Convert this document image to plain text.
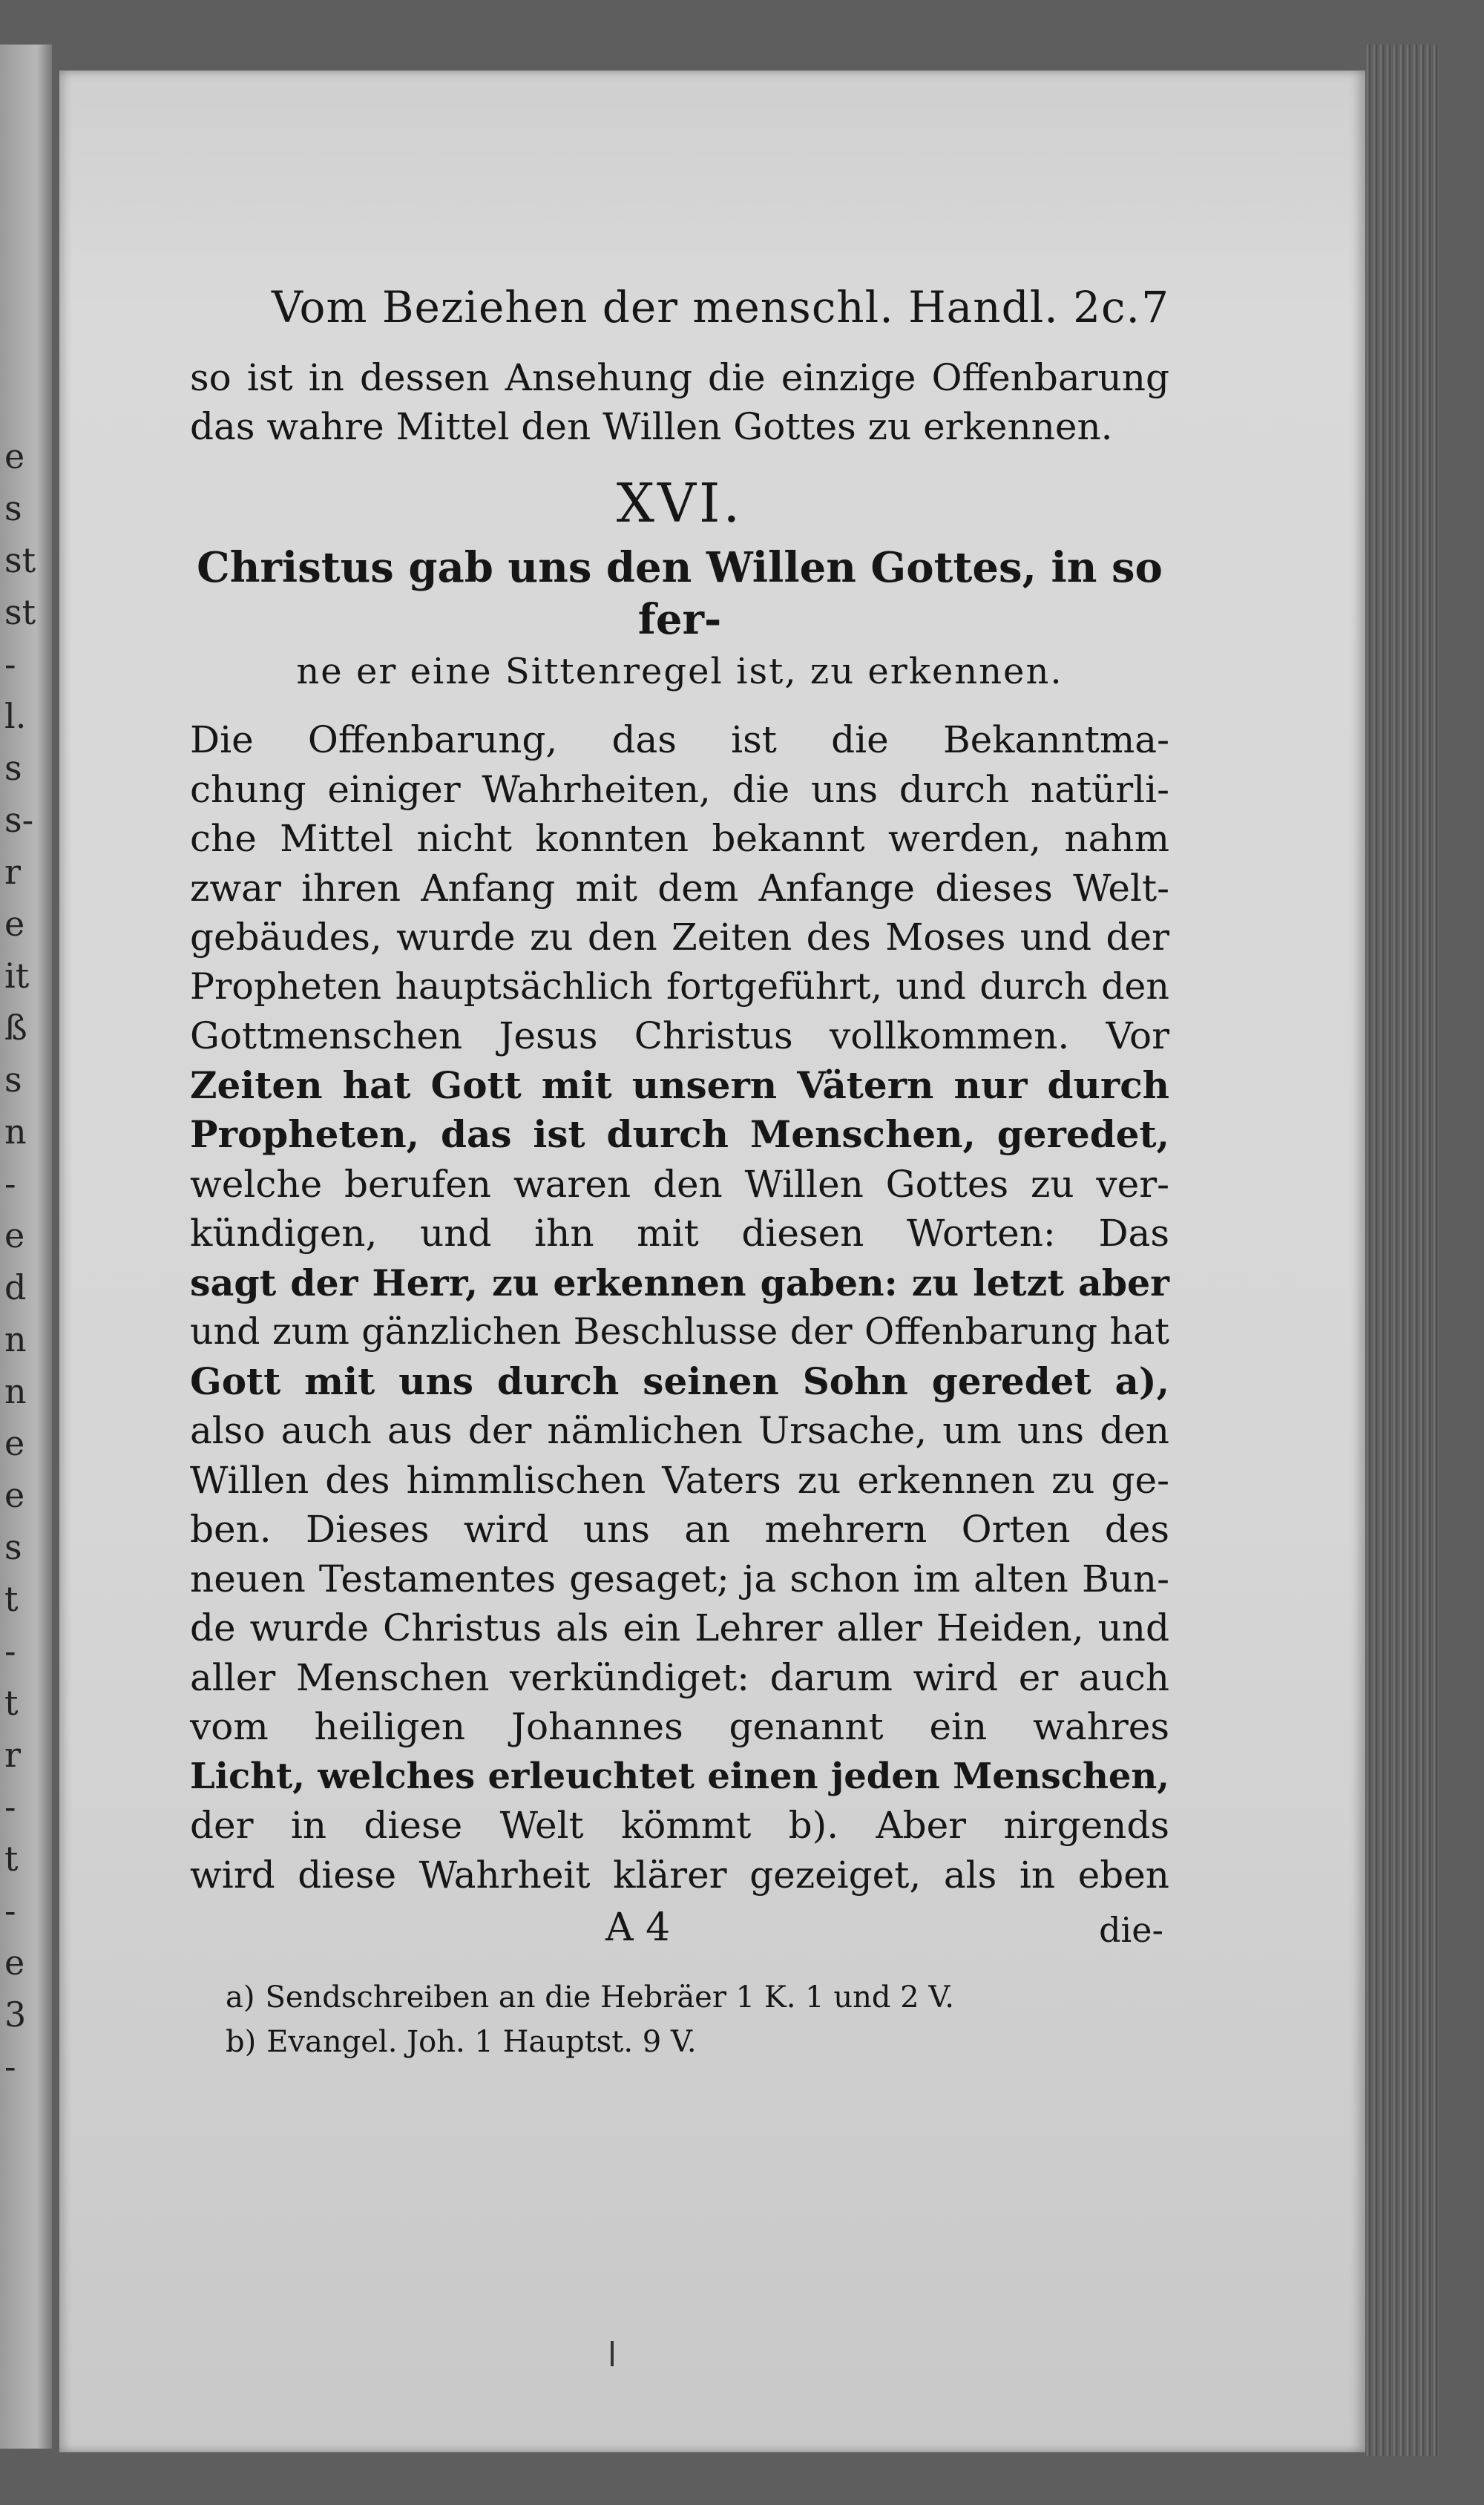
e
s
st
st
-
l.
s
s-
r
e
it
ß
s
n
-
e
d
n
n
e
e
s
t
-
t
r
-
t
-
e
3
-
Vom Beziehen der menschl. Handl. 2c. 7
so ist in dessen Ansehung die einzige Offenbarung
das wahre Mittel den Willen Gottes zu erkennen.
XVI.
Christus gab uns den Willen Gottes, in so fer-
ne er eine Sittenregel ist, zu erkennen.
Die Offenbarung, das ist die Bekanntma-
chung einiger Wahrheiten, die uns durch natürli-
che Mittel nicht konnten bekannt werden, nahm
zwar ihren Anfang mit dem Anfange dieses Welt-
gebäudes, wurde zu den Zeiten des Moses und der
Propheten hauptsächlich fortgeführt, und durch den
Gottmenschen Jesus Christus vollkommen. Vor
Zeiten hat Gott mit unsern Vätern nur durch
Propheten, das ist durch Menschen, geredet,
welche berufen waren den Willen Gottes zu ver-
kündigen, und ihn mit diesen Worten: Das
sagt der Herr, zu erkennen gaben: zu letzt aber
und zum gänzlichen Beschlusse der Offenbarung hat
Gott mit uns durch seinen Sohn geredet a),
also auch aus der nämlichen Ursache, um uns den
Willen des himmlischen Vaters zu erkennen zu ge-
ben. Dieses wird uns an mehrern Orten des
neuen Testamentes gesaget; ja schon im alten Bun-
de wurde Christus als ein Lehrer aller Heiden, und
aller Menschen verkündiget: darum wird er auch
vom heiligen Johannes genannt ein wahres
Licht, welches erleuchtet einen jeden Menschen,
der in diese Welt kömmt b). Aber nirgends
wird diese Wahrheit klärer gezeiget, als in eben
A 4	die-
a) Sendschreiben an die Hebräer 1 K. 1 und 2 V.
b) Evangel. Joh. 1 Hauptst. 9 V.
